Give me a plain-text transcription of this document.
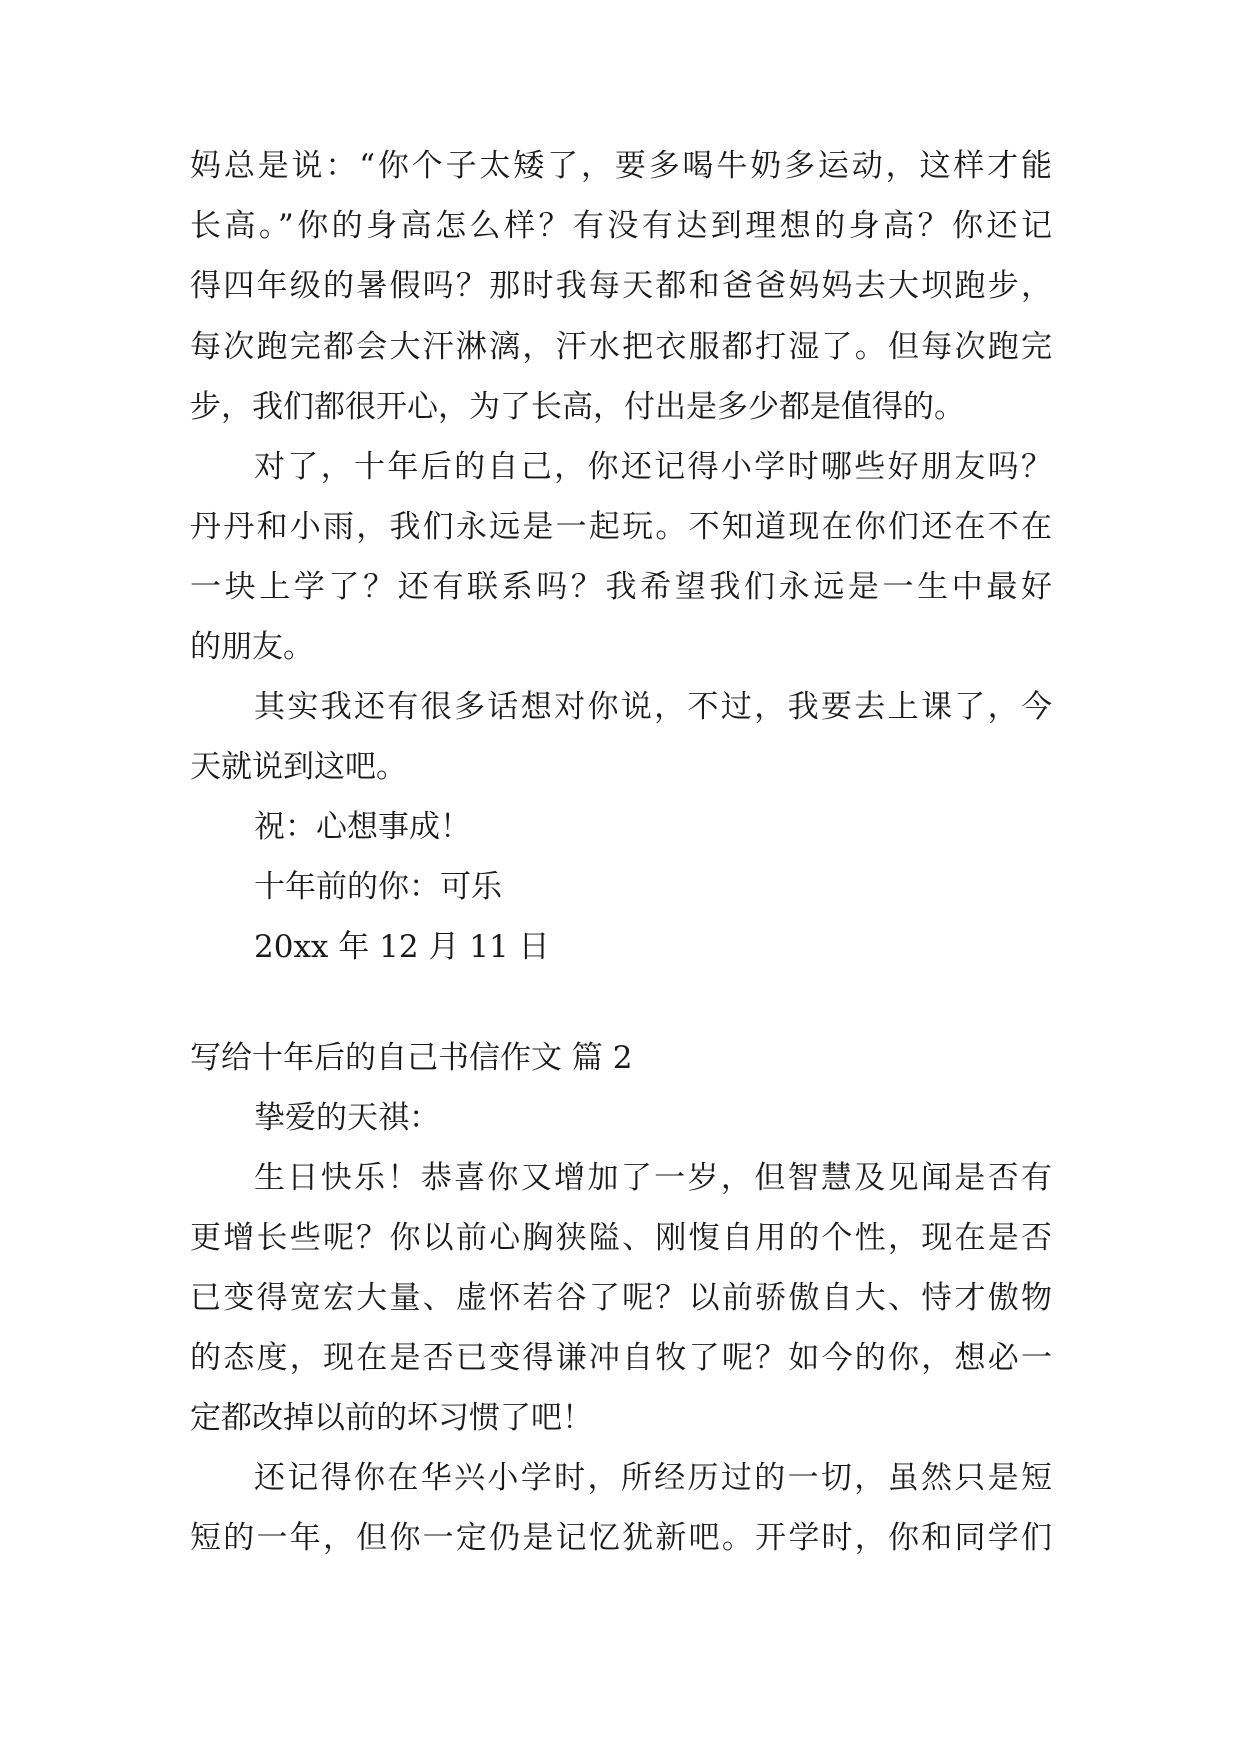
妈总是说：“你个子太矮了，要多喝牛奶多运动，这样才能
长高。”你的身高怎么样？有没有达到理想的身高？你还记
得四年级的暑假吗？那时我每天都和爸爸妈妈去大坝跑步，
每次跑完都会大汗淋漓，汗水把衣服都打湿了。但每次跑完
步，我们都很开心，为了长高，付出是多少都是值得的。
对了，十年后的自己，你还记得小学时哪些好朋友吗？
丹丹和小雨，我们永远是一起玩。不知道现在你们还在不在
一块上学了？还有联系吗？我希望我们永远是一生中最好
的朋友。
其实我还有很多话想对你说，不过，我要去上课了，今
天就说到这吧。
祝：心想事成！
十年前的你：可乐
20xx 年 12 月 11 日
写给十年后的自己书信作文 篇 2
挚爱的天祺：
生日快乐！恭喜你又增加了一岁，但智慧及见闻是否有
更增长些呢？你以前心胸狭隘、刚愎自用的个性，现在是否
已变得宽宏大量、虚怀若谷了呢？以前骄傲自大、恃才傲物
的态度，现在是否已变得谦冲自牧了呢？如今的你，想必一
定都改掉以前的坏习惯了吧！
还记得你在华兴小学时，所经历过的一切，虽然只是短
短的一年，但你一定仍是记忆犹新吧。开学时，你和同学们
